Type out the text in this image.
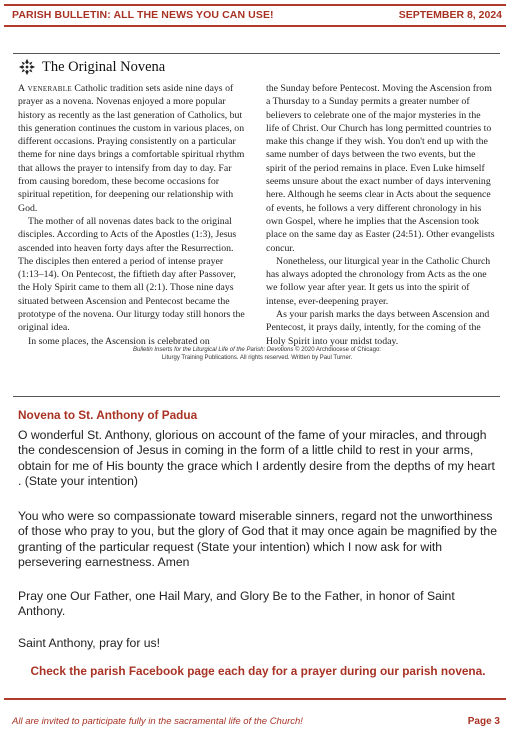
PARISH BULLETIN: ALL THE NEWS YOU CAN USE!	SEPTEMBER 8, 2024
The Original Novena

A venerable Catholic tradition sets aside nine days of prayer as a novena. Novenas enjoyed a more popular history as recently as the last generation of Catholics, but this generation continues the custom in various places, on different occasions. Praying consistently on a particular theme for nine days brings a comfortable spiritual rhythm that allows the prayer to intensify from day to day. Far from causing boredom, these become occasions for spiritual repetition, for deepening our relationship with God.

The mother of all novenas dates back to the original disciples. According to Acts of the Apostles (1:3), Jesus ascended into heaven forty days after the Resurrection. The disciples then entered a period of intense prayer (1:13–14). On Pentecost, the fiftieth day after Passover, the Holy Spirit came to them all (2:1). Those nine days situated between Ascension and Pentecost became the prototype of the novena. Our liturgy today still honors the original idea.

In some places, the Ascension is celebrated on

the Sunday before Pentecost. Moving the Ascension from a Thursday to a Sunday permits a greater number of believers to celebrate one of the major mysteries in the life of Christ. Our Church has long permitted countries to make this change if they wish. You don't end up with the same number of days between the two events, but the spirit of the period remains in place. Even Luke himself seems unsure about the exact number of days intervening here. Although he seems clear in Acts about the sequence of events, he follows a very different chronology in his own Gospel, where he implies that the Ascension took place on the same day as Easter (24:51). Other evangelists concur.

Nonetheless, our liturgical year in the Catholic Church has always adopted the chronology from Acts as the one we follow year after year. It gets us into the spirit of intense, ever-deepening prayer.

As your parish marks the days between Ascension and Pentecost, it prays daily, intently, for the coming of the Holy Spirit into your midst today.

Bulletin Inserts for the Liturgical Life of the Parish: Devotions © 2020 Archdiocese of Chicago:
Liturgy Training Publications. All rights reserved. Written by Paul Turner.
Novena to St. Anthony of Padua

O wonderful St. Anthony, glorious on account of the fame of your miracles, and through the condescension of Jesus in coming in the form of a little child to rest in your arms, obtain for me of His bounty the grace which I ardently desire from the depths of my heart . (State your intention)

You who were so compassionate toward miserable sinners, regard not the unworthiness of those who pray to you, but the glory of God that it may once again be magnified by the granting of the particular request (State your intention) which I now ask for with persevering earnestness. Amen

Pray one Our Father, one Hail Mary, and Glory Be to the Father, in honor of Saint Anthony.

Saint Anthony, pray for us!

Check the parish Facebook page each day for a prayer during our parish novena.
All are invited to participate fully in the sacramental life of the Church!	Page 3
